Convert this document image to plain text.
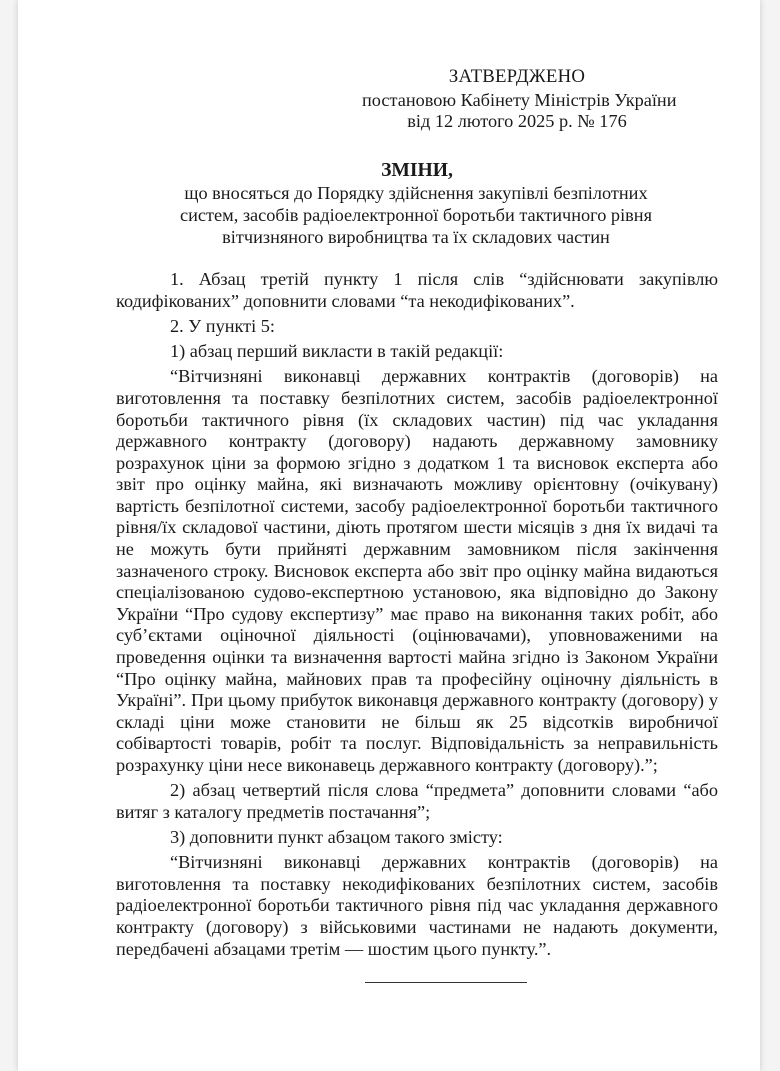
ЗАТВЕРДЖЕНО
постановою Кабінету Міністрів України
від 12 лютого 2025 р. № 176
ЗМІНИ,
що вносяться до Порядку здійснення закупівлі безпілотних систем, засобів радіоелектронної боротьби тактичного рівня вітчизняного виробництва та їх складових частин

1. Абзац третій пункту 1 після слів “здійснювати закупівлю кодифікованих” доповнити словами “та некодифікованих”.

2. У пункті 5:

1) абзац перший викласти в такій редакції:

“Вітчизняні виконавці державних контрактів (договорів) на виготовлення та поставку безпілотних систем, засобів радіоелектронної боротьби тактичного рівня (їх складових частин) під час укладання державного контракту (договору) надають державному замовнику розрахунок ціни за формою згідно з додатком 1 та висновок експерта або звіт про оцінку майна, які визначають можливу орієнтовну (очікувану) вартість безпілотної системи, засобу радіоелектронної боротьби тактичного рівня/їх складової частини, діють протягом шести місяців з дня їх видачі та не можуть бути прийняті державним замовником після закінчення зазначеного строку. Висновок експерта або звіт про оцінку майна видаються спеціалізованою судово-експертною установою, яка відповідно до Закону України “Про судову експертизу” має право на виконання таких робіт, або суб’єктами оціночної діяльності (оцінювачами), уповноваженими на проведення оцінки та визначення вартості майна згідно із Законом України “Про оцінку майна, майнових прав та професійну оціночну діяльність в Україні”. При цьому прибуток виконавця державного контракту (договору) у складі ціни може становити не більш як 25 відсотків виробничої собівартості товарів, робіт та послуг. Відповідальність за неправильність розрахунку ціни несе виконавець державного контракту (договору).”;

2) абзац четвертий після слова “предмета” доповнити словами “або витяг з каталогу предметів постачання”;

3) доповнити пункт абзацом такого змісту:

“Вітчизняні виконавці державних контрактів (договорів) на виготовлення та поставку некодифікованих безпілотних систем, засобів радіоелектронної боротьби тактичного рівня під час укладання державного контракту (договору) з військовими частинами не надають документи, передбачені абзацами третім — шостим цього пункту.”.
